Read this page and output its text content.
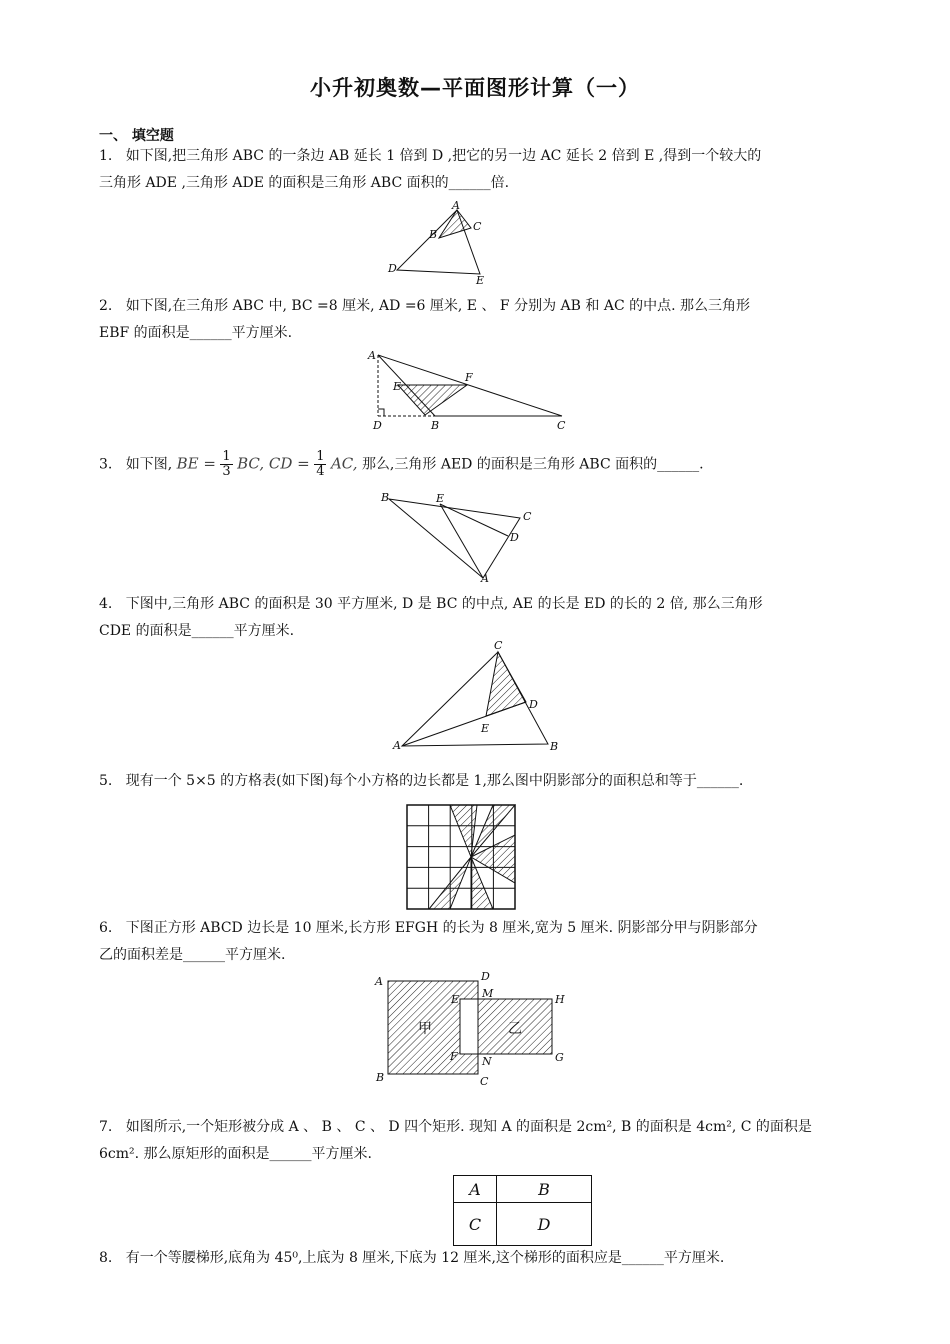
小升初奥数—平面图形计算（一）
一、 填空题
1. 如下图,把三角形 ABC 的一条边 AB 延长 1 倍到 D ,把它的另一边 AC 延长 2 倍到 E ,得到一个较大的
三角形 ADE ,三角形 ADE 的面积是三角形 ABC 面积的______倍.
A
B
C
D
E
2. 如下图,在三角形 ABC 中, BC =8 厘米, AD =6 厘米, E 、 F 分别为 AB 和 AC 的中点. 那么三角形
EBF 的面积是______平方厘米.
A
E
F
D	B	C
3. 如下图, BE = $\frac{1}{3}$ BC, CD = $\frac{1}{4}$ AC, 那么,三角形 AED 的面积是三角形 ABC 面积的______.
B	E
C
D
A
4. 下图中,三角形 ABC 的面积是 30 平方厘米, D 是 BC 的中点, AE 的长是 ED 的长的 2 倍, 那么三角形
CDE 的面积是______平方厘米.
C
D
E
A	B
5. 现有一个 5×5 的方格表(如下图)每个小方格的边长都是 1,那么图中阴影部分的面积总和等于______.
6. 下图正方形 ABCD 边长是 10 厘米,长方形 EFGH 的长为 8 厘米,宽为 5 厘米. 阴影部分甲与阴影部分
乙的面积差是______平方厘米.
A	D
E M	H
甲	乙
F N	G
B	C
7. 如图所示,一个矩形被分成 A 、 B 、 C 、 D 四个矩形. 现知 A 的面积是 2cm², B 的面积是 4cm², C 的面积是
6cm². 那么原矩形的面积是______平方厘米.
A	B
C	D
8. 有一个等腰梯形,底角为 45⁰,上底为 8 厘米,下底为 12 厘米,这个梯形的面积应是______平方厘米.
